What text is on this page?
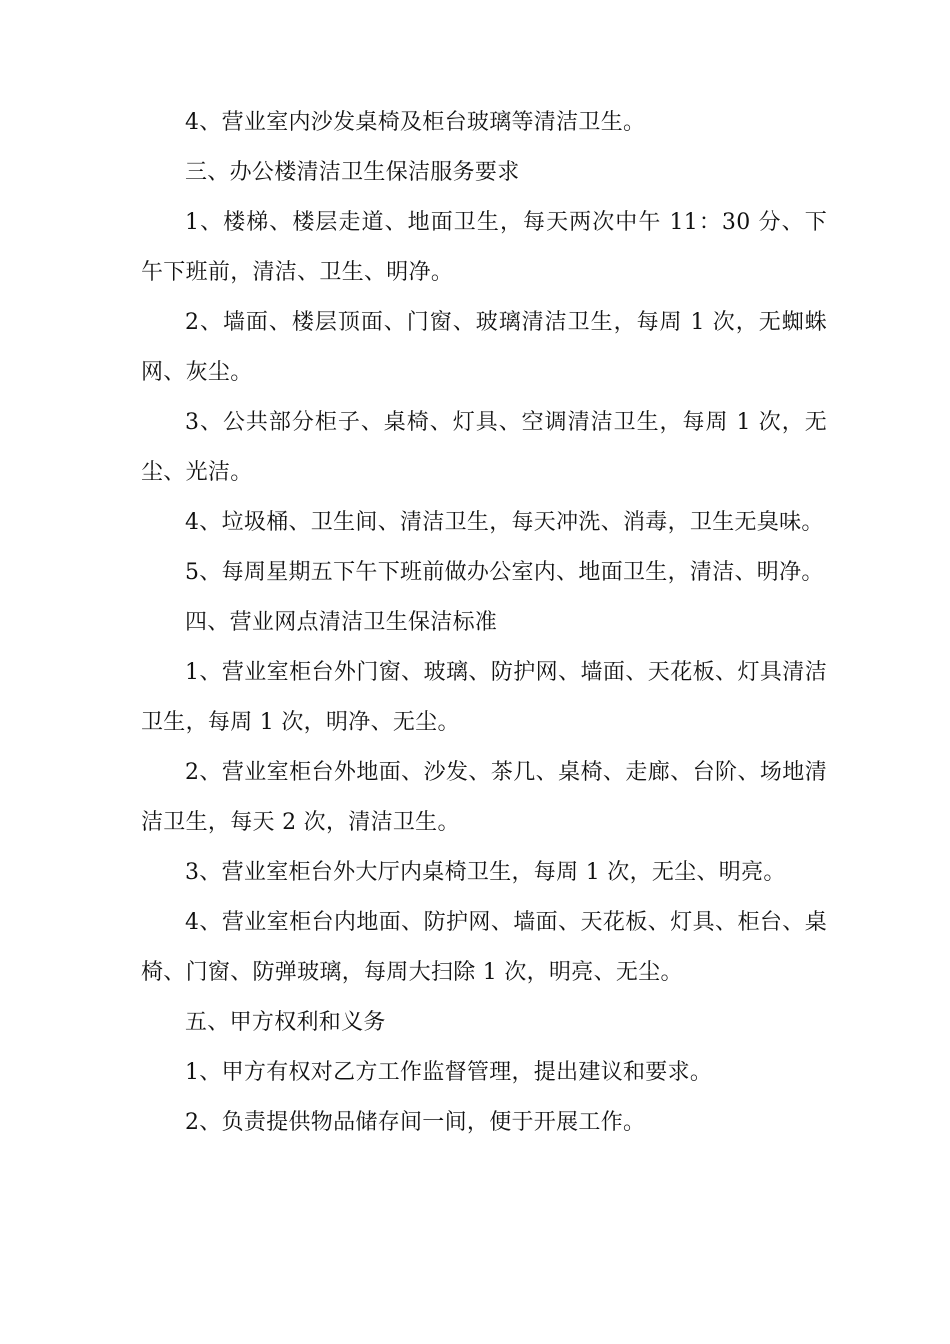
4、营业室内沙发桌椅及柜台玻璃等清洁卫生。

三、办公楼清洁卫生保洁服务要求

1、楼梯、楼层走道、地面卫生，每天两次中午 11：30 分、下午下班前，清洁、卫生、明净。

2、墙面、楼层顶面、门窗、玻璃清洁卫生，每周 1 次，无蜘蛛网、灰尘。

3、公共部分柜子、桌椅、灯具、空调清洁卫生，每周 1 次，无尘、光洁。

4、垃圾桶、卫生间、清洁卫生，每天冲洗、消毒，卫生无臭味。

5、每周星期五下午下班前做办公室内、地面卫生，清洁、明净。

四、营业网点清洁卫生保洁标准

1、营业室柜台外门窗、玻璃、防护网、墙面、天花板、灯具清洁卫生，每周 1 次，明净、无尘。

2、营业室柜台外地面、沙发、茶几、桌椅、走廊、台阶、场地清洁卫生，每天 2 次，清洁卫生。

3、营业室柜台外大厅内桌椅卫生，每周 1 次，无尘、明亮。

4、营业室柜台内地面、防护网、墙面、天花板、灯具、柜台、桌椅、门窗、防弹玻璃，每周大扫除 1 次，明亮、无尘。

五、甲方权利和义务

1、甲方有权对乙方工作监督管理，提出建议和要求。

2、负责提供物品储存间一间，便于开展工作。
